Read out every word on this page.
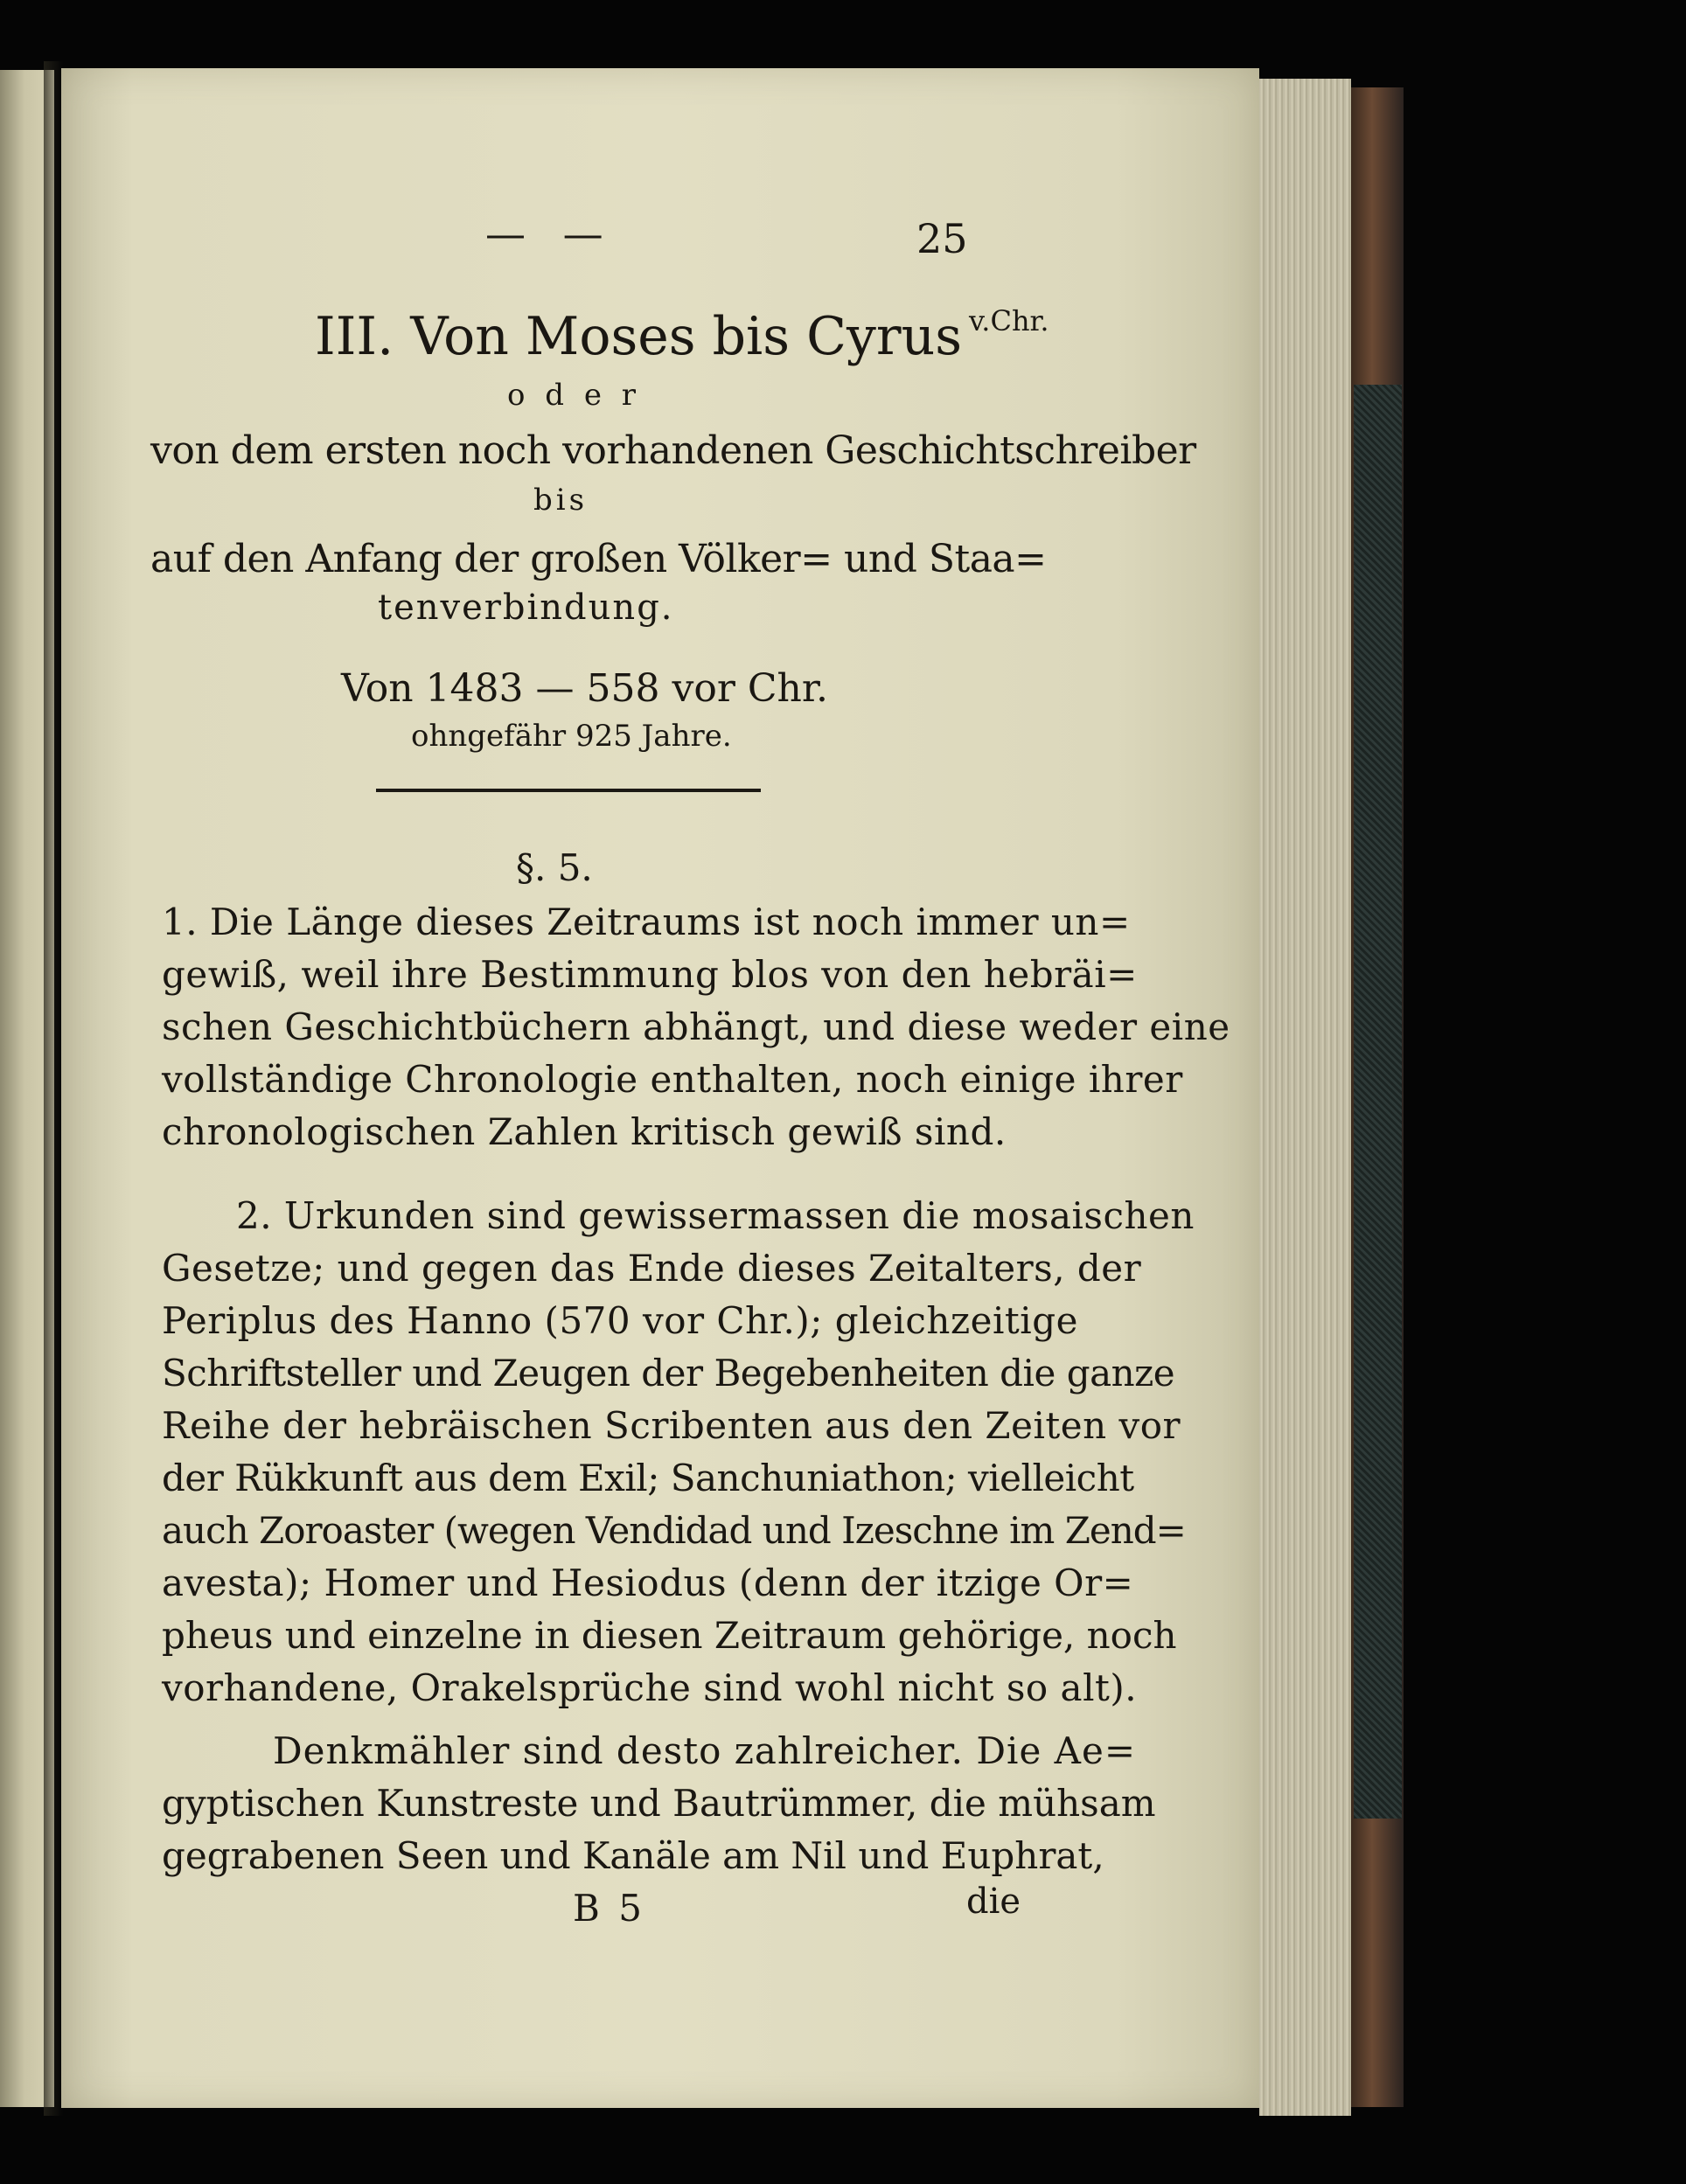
— —	25
v.Chr.
III. Von Moses bis Cyrus
o d e r
von dem ersten noch vorhandenen Geschichtschreiber
bis
auf den Anfang der großen Völker= und Staa=
tenverbindung.
Von 1483 — 558 vor Chr.
ohngefähr 925 Jahre.
§. 5.
1. Die Länge dieses Zeitraums ist noch immer un=
gewiß, weil ihre Bestimmung blos von den hebräi=
schen Geschichtbüchern abhängt, und diese weder eine
vollständige Chronologie enthalten, noch einige ihrer
chronologischen Zahlen kritisch gewiß sind.
2. Urkunden sind gewissermassen die mosaischen
Gesetze; und gegen das Ende dieses Zeitalters, der
Periplus des Hanno (570 vor Chr.); gleichzeitige
Schriftsteller und Zeugen der Begebenheiten die ganze
Reihe der hebräischen Scribenten aus den Zeiten vor
der Rükkunft aus dem Exil; Sanchuniathon; vielleicht
auch Zoroaster (wegen Vendidad und Izeschne im Zend=
avesta); Homer und Hesiodus (denn der itzige Or=
pheus und einzelne in diesen Zeitraum gehörige, noch
vorhandene, Orakelsprüche sind wohl nicht so alt).
Denkmähler sind desto zahlreicher. Die Ae=
gyptischen Kunstreste und Bautrümmer, die mühsam
gegrabenen Seen und Kanäle am Nil und Euphrat,
B 5	die
